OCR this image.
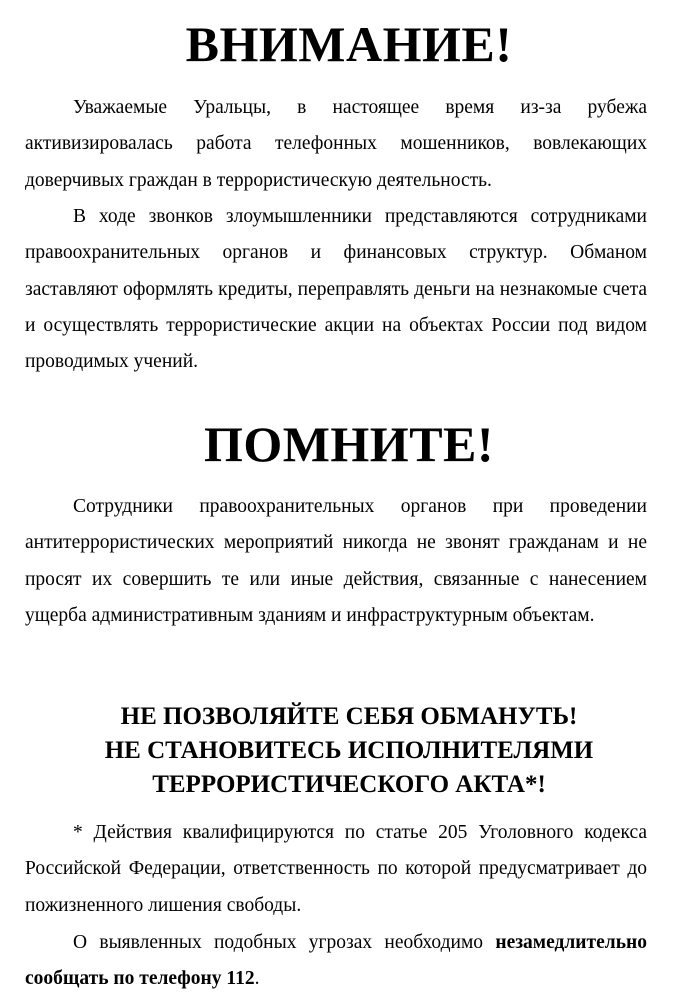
ВНИМАНИЕ!

Уважаемые Уральцы, в настоящее время из-за рубежа активизировалась работа телефонных мошенников, вовлекающих доверчивых граждан в террористическую деятельность.

В ходе звонков злоумышленники представляются сотрудниками правоохранительных органов и финансовых структур. Обманом заставляют оформлять кредиты, переправлять деньги на незнакомые счета и осуществлять террористические акции на объектах России под видом проводимых учений.

ПОМНИТЕ!

Сотрудники правоохранительных органов при проведении антитеррористических мероприятий никогда не звонят гражданам и не просят их совершить те или иные действия, связанные с нанесением ущерба административным зданиям и инфраструктурным объектам.

НЕ ПОЗВОЛЯЙТЕ СЕБЯ ОБМАНУТЬ!
НЕ СТАНОВИТЕСЬ ИСПОЛНИТЕЛЯМИ
ТЕРРОРИСТИЧЕСКОГО АКТА*!

* Действия квалифицируются по статье 205 Уголовного кодекса Российской Федерации, ответственность по которой предусматривает до пожизненного лишения свободы.

О выявленных подобных угрозах необходимо незамедлительно сообщать по телефону 112.
